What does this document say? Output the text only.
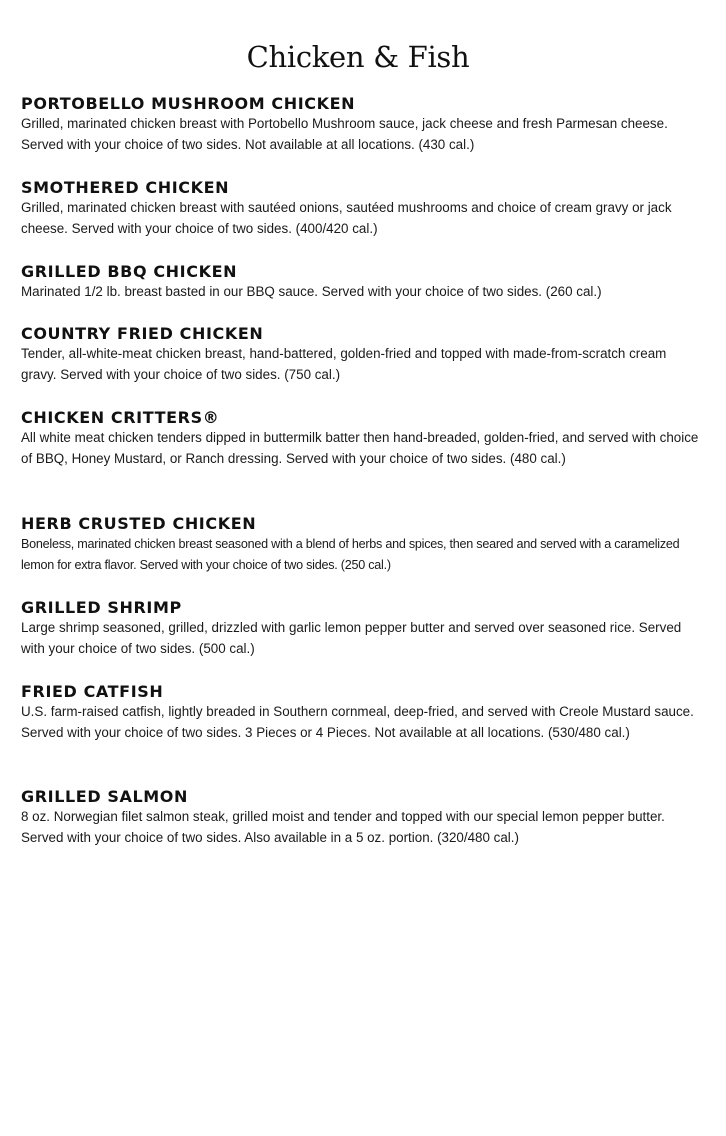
Chicken & Fish

PORTOBELLO MUSHROOM CHICKEN

Grilled, marinated chicken breast with Portobello Mushroom sauce, jack cheese and fresh Parmesan cheese. Served with your choice of two sides. Not available at all locations. (430 cal.)

SMOTHERED CHICKEN

Grilled, marinated chicken breast with sautéed onions, sautéed mushrooms and choice of cream gravy or jack cheese. Served with your choice of two sides. (400/420 cal.)

GRILLED BBQ CHICKEN

Marinated 1/2 lb. breast basted in our BBQ sauce. Served with your choice of two sides. (260 cal.)

COUNTRY FRIED CHICKEN

Tender, all-white-meat chicken breast, hand-battered, golden-fried and topped with made-from-scratch cream gravy. Served with your choice of two sides. (750 cal.)

CHICKEN CRITTERS®

All white meat chicken tenders dipped in buttermilk batter then hand-breaded, golden-fried, and served with choice of BBQ, Honey Mustard, or Ranch dressing. Served with your choice of two sides. (480 cal.)

HERB CRUSTED CHICKEN

Boneless, marinated chicken breast seasoned with a blend of herbs and spices, then seared and served with a caramelized lemon for extra flavor. Served with your choice of two sides. (250 cal.)

GRILLED SHRIMP

Large shrimp seasoned, grilled, drizzled with garlic lemon pepper butter and served over seasoned rice. Served with your choice of two sides. (500 cal.)

FRIED CATFISH

U.S. farm-raised catfish, lightly breaded in Southern cornmeal, deep-fried, and served with Creole Mustard sauce. Served with your choice of two sides. 3 Pieces or 4 Pieces. Not available at all locations. (530/480 cal.)

GRILLED SALMON

8 oz. Norwegian filet salmon steak, grilled moist and tender and topped with our special lemon pepper butter. Served with your choice of two sides. Also available in a 5 oz. portion. (320/480 cal.)
